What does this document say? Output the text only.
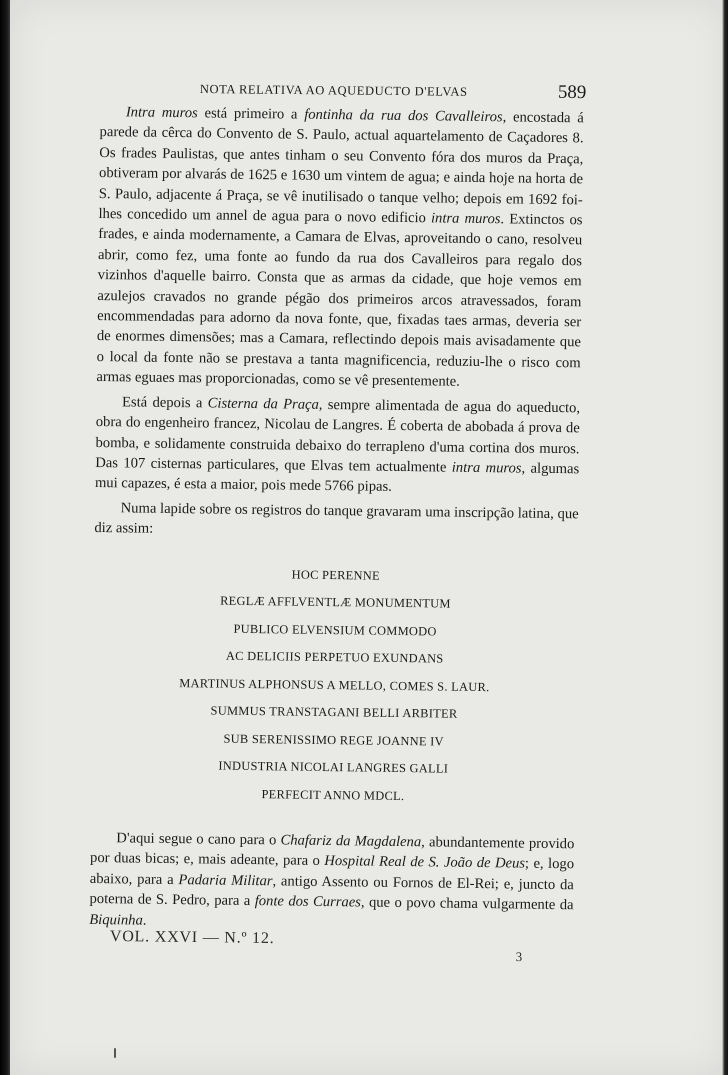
NOTA RELATIVA AO AQUEDUCTO D'ELVAS	589

Intra muros está primeiro a fontinha da rua dos Cavalleiros, encostada á parede da cêrca do Convento de S. Paulo, actual aquartelamento de Caçadores 8. Os frades Paulistas, que antes tinham o seu Convento fóra dos muros da Praça, obtiveram por alvarás de 1625 e 1630 um vintem de agua; e ainda hoje na horta de S. Paulo, adjacente á Praça, se vê inutilisado o tanque velho; depois em 1692 foi-lhes concedido um annel de agua para o novo edificio intra muros. Extinctos os frades, e ainda modernamente, a Camara de Elvas, aproveitando o cano, resolveu abrir, como fez, uma fonte ao fundo da rua dos Cavalleiros para regalo dos vizinhos d'aquelle bairro. Consta que as armas da cidade, que hoje vemos em azulejos cravados no grande pégão dos primeiros arcos atravessados, foram encommendadas para adorno da nova fonte, que, fixadas taes armas, deveria ser de enormes dimensões; mas a Camara, reflectindo depois mais avisadamente que o local da fonte não se prestava a tanta magnificencia, reduziu-lhe o risco com armas eguaes mas proporcionadas, como se vê presentemente.

Está depois a Cisterna da Praça, sempre alimentada de agua do aqueducto, obra do engenheiro francez, Nicolau de Langres. É coberta de abobada á prova de bomba, e solidamente construida debaixo do terrapleno d'uma cortina dos muros. Das 107 cisternas particulares, que Elvas tem actualmente intra muros, algumas mui capazes, é esta a maior, pois mede 5766 pipas.

Numa lapide sobre os registros do tanque gravaram uma inscripção latina, que diz assim:

HOC PERENNE
REGLÆ AFFLVENTLÆ MONUMENTUM
PUBLICO ELVENSIUM COMMODO
AC DELICIIS PERPETUO EXUNDANS
MARTINUS ALPHONSUS A MELLO, COMES S. LAUR.
SUMMUS TRANSTAGANI BELLI ARBITER
SUB SERENISSIMO REGE JOANNE IV
INDUSTRIA NICOLAI LANGRES GALLI
PERFECIT ANNO MDCL.

D'aqui segue o cano para o Chafariz da Magdalena, abundantemente provido por duas bicas; e, mais adeante, para o Hospital Real de S. João de Deus; e, logo abaixo, para a Padaria Militar, antigo Assento ou Fornos de El-Rei; e, juncto da poterna de S. Pedro, para a fonte dos Curraes, que o povo chama vulgarmente da Biquinha.

VOL. XXVI — N.º 12.
3
